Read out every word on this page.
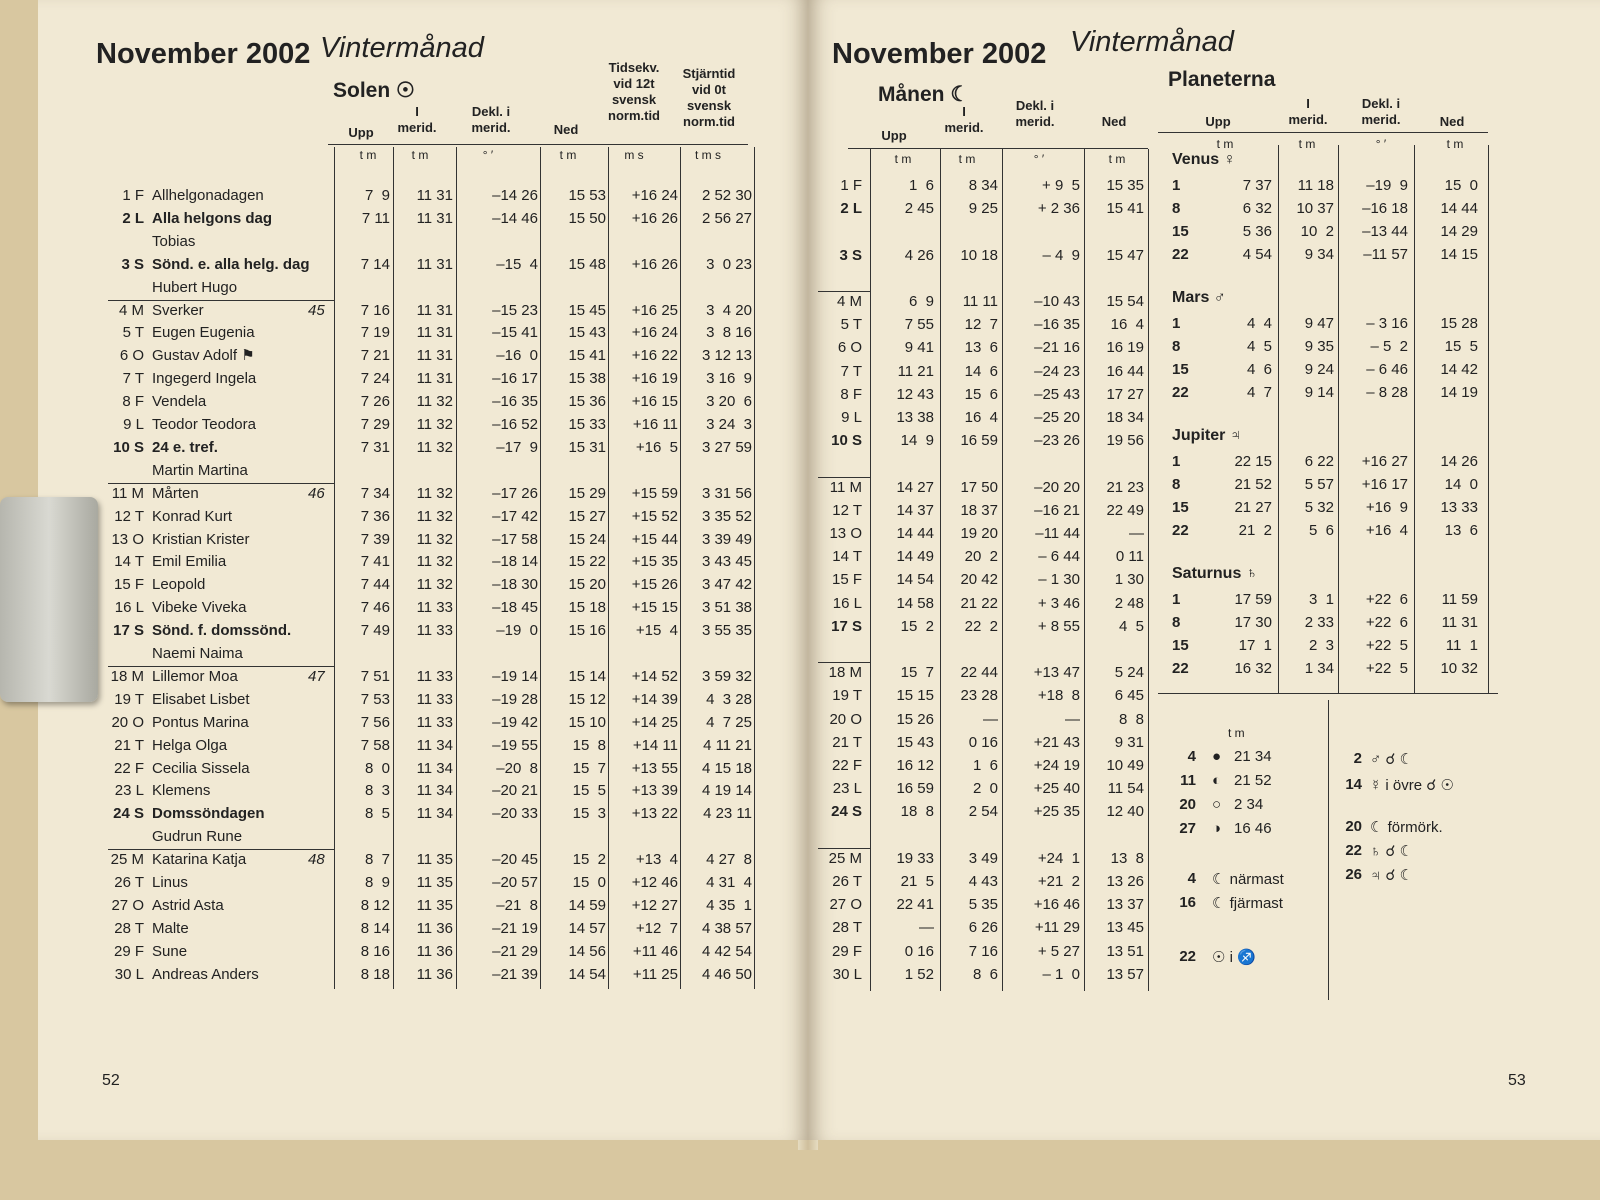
November 2002 Vintermånad
Solen ☉
Upp
I
merid.
Dekl. i
merid.	Ned
Tidsekv.
vid 12t
svensk
norm.tid
Stjärntid
vid 0t
svensk
norm.tid
t m	t m	° ′	t m	m s	t m s
1 F Allhelgonadagen	7  9	11 31	–14 26	15 53	+16 24	2 52 30
2 L Alla helgons dag	7 11	11 31	–14 46	15 50	+16 26	2 56 27
Tobias
3 S Sönd. e. alla helg. dag	7 14	11 31	–15  4	15 48	+16 26	3  0 23
Hubert Hugo
4 M Sverker	45	7 16	11 31	–15 23	15 45	+16 25	3  4 20
5 T Eugen Eugenia	7 19	11 31	–15 41	15 43	+16 24	3  8 16
6 O Gustav Adolf ⚑	7 21	11 31	–16  0	15 41	+16 22	3 12 13
7 T Ingegerd Ingela	7 24	11 31	–16 17	15 38	+16 19	3 16  9
8 F Vendela	7 26	11 32	–16 35	15 36	+16 15	3 20  6
9 L Teodor Teodora	7 29	11 32	–16 52	15 33	+16 11	3 24  3
10 S 24 e. tref.	7 31	11 32	–17  9	15 31	+16  5	3 27 59
Martin Martina
11 M Mårten	46	7 34	11 32	–17 26	15 29	+15 59	3 31 56
12 T Konrad Kurt	7 36	11 32	–17 42	15 27	+15 52	3 35 52
13 O Kristian Krister	7 39	11 32	–17 58	15 24	+15 44	3 39 49
14 T Emil Emilia	7 41	11 32	–18 14	15 22	+15 35	3 43 45
15 F Leopold	7 44	11 32	–18 30	15 20	+15 26	3 47 42
16 L Vibeke Viveka	7 46	11 33	–18 45	15 18	+15 15	3 51 38
17 S Sönd. f. domssönd.	7 49	11 33	–19  0	15 16	+15  4	3 55 35
Naemi Naima
18 M Lillemor Moa	47	7 51	11 33	–19 14	15 14	+14 52	3 59 32
19 T Elisabet Lisbet	7 53	11 33	–19 28	15 12	+14 39	4  3 28
20 O Pontus Marina	7 56	11 33	–19 42	15 10	+14 25	4  7 25
21 T Helga Olga	7 58	11 34	–19 55	15  8	+14 11	4 11 21
22 F Cecilia Sissela	8  0	11 34	–20  8	15  7	+13 55	4 15 18
23 L Klemens	8  3	11 34	–20 21	15  5	+13 39	4 19 14
24 S Domssöndagen	8  5	11 34	–20 33	15  3	+13 22	4 23 11
Gudrun Rune
25 M Katarina Katja	48	8  7	11 35	–20 45	15  2	+13  4	4 27  8
26 T Linus	8  9	11 35	–20 57	15  0	+12 46	4 31  4
27 O Astrid Asta	8 12	11 35	–21  8	14 59	+12 27	4 35  1
28 T Malte	8 14	11 36	–21 19	14 57	+12  7	4 38 57
29 F Sune	8 16	11 36	–21 29	14 56	+11 46	4 42 54
30 L Andreas Anders	8 18	11 36	–21 39	14 54	+11 25	4 46 50
52
November 2002 Vintermånad
Månen ☾
Planeterna
Upp
I
merid.
Dekl. i
merid.	Ned	Upp
I
merid.
Dekl. i
merid.	Ned
t m	t m	° ′	t m
t m	t m	° ′	t m
1 F	1  6	8 34	+ 9  5	15 35
2 L	2 45	9 25	+ 2 36	15 41
3 S	4 26	10 18	– 4  9	15 47
4 M	6  9	11 11	–10 43	15 54
5 T	7 55	12  7	–16 35	16  4
6 O	9 41	13  6	–21 16	16 19
7 T	11 21	14  6	–24 23	16 44
8 F	12 43	15  6	–25 43	17 27
9 L	13 38	16  4	–25 20	18 34
10 S	14  9	16 59	–23 26	19 56
11 M	14 27	17 50	–20 20	21 23
12 T	14 37	18 37	–16 21	22 49
13 O	14 44	19 20	–11 44	—
14 T	14 49	20  2	– 6 44	0 11
15 F	14 54	20 42	– 1 30	1 30
16 L	14 58	21 22	+ 3 46	2 48
17 S	15  2	22  2	+ 8 55	4  5
18 M	15  7	22 44	+13 47	5 24
19 T	15 15	23 28	+18  8	6 45
20 O	15 26	—	—	8  8
21 T	15 43	0 16	+21 43	9 31
22 F	16 12	1  6	+24 19	10 49
23 L	16 59	2  0	+25 40	11 54
24 S	18  8	2 54	+25 35	12 40
25 M	19 33	3 49	+24  1	13  8
26 T	21  5	4 43	+21  2	13 26
27 O	22 41	5 35	+16 46	13 37
28 T	—	6 26	+11 29	13 45
29 F	0 16	7 16	+ 5 27	13 51
30 L	1 52	8  6	– 1  0	13 57
Venus ♀
1	7 37	11 18	–19  9	15  0
8	6 32	10 37	–16 18	14 44
15	5 36	10  2	–13 44	14 29
22	4 54	9 34	–11 57	14 15
Mars ♂
1	4  4	9 47	– 3 16	15 28
8	4  5	9 35	– 5  2	15  5
15	4  6	9 24	– 6 46	14 42
22	4  7	9 14	– 8 28	14 19
Jupiter ♃
1	22 15	6 22	+16 27	14 26
8	21 52	5 57	+16 17	14  0
15	21 27	5 32	+16  9	13 33
22	21  2	5  6	+16  4	13  6
Saturnus ♄
1	17 59	3  1	+22  6	11 59
8	17 30	2 33	+22  6	11 31
15	17  1	2  3	+22  5	11  1
22	16 32	1 34	+22  5	10 32
t m
4 ● 21 34
11 ◐ 21 52
20 ○ 2 34
27 ◑ 16 46
4 ☾ närmast
16 ☾ fjärmast
22 ☉ i ♐
2 ♂ ☌ ☾
14 ☿ i övre ☌ ☉
20 ☾ förmörk.
22 ♄ ☌ ☾
26 ♃ ☌ ☾
53
